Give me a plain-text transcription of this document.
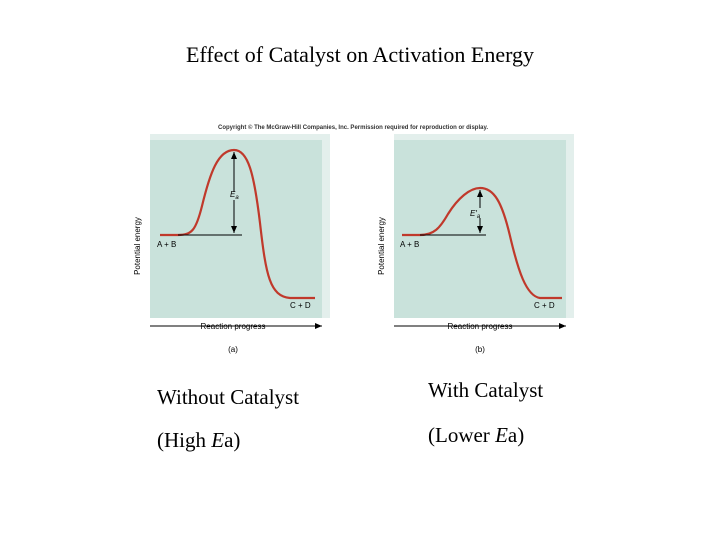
Effect of Catalyst on Activation Energy
Potential energy
$E_a$
A + B
C + D
Reaction progress
(a)
Potential energy
$E'_a$
A + B
C + D
Reaction progress
(b)
Copyright © The McGraw-Hill Companies, Inc. Permission required for reproduction or display.
Without Catalyst
(High Ea)
With Catalyst
(Lower Ea)
